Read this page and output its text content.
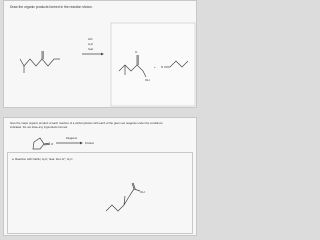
Draw the organic products formed in the reaction shown.
HCl
H₂O
heat
O
OH
+ N
Give the major organic product of each reaction of a carbonyl/ester with each of the given set reagents under the conditions
indicated. Do not draw any byproducts formed.
O
Reagents
Product
a. Reaction with NaOH, H₂O, heat, then H⁺, H₂O
OH
